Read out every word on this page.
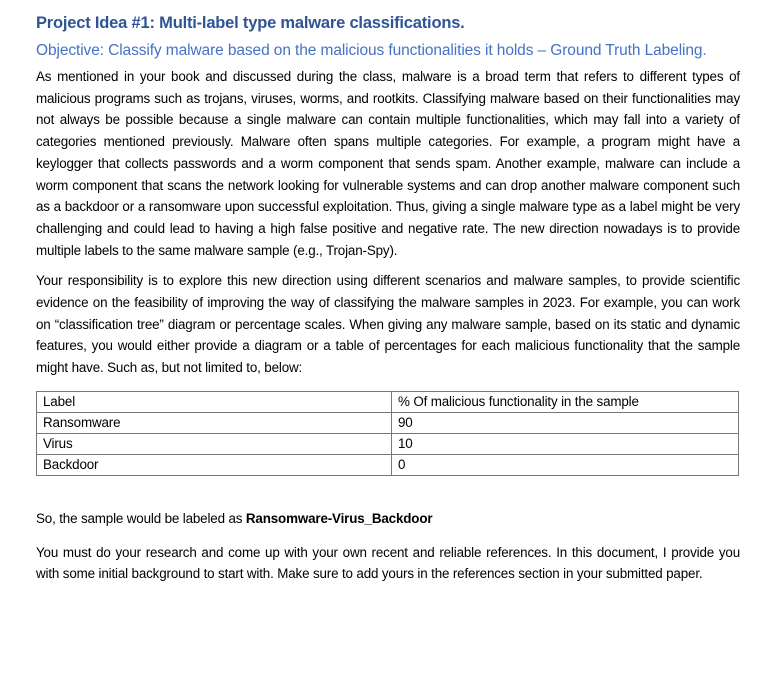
Project Idea #1: Multi-label type malware classifications.
Objective: Classify malware based on the malicious functionalities it holds – Ground Truth Labeling.

As mentioned in your book and discussed during the class, malware is a broad term that refers to different types of malicious programs such as trojans, viruses, worms, and rootkits. Classifying malware based on their functionalities may not always be possible because a single malware can contain multiple functionalities, which may fall into a variety of categories mentioned previously. Malware often spans multiple categories. For example, a program might have a keylogger that collects passwords and a worm component that sends spam. Another example, malware can include a worm component that scans the network looking for vulnerable systems and can drop another malware component such as a backdoor or a ransomware upon successful exploitation. Thus, giving a single malware type as a label might be very challenging and could lead to having a high false positive and negative rate. The new direction nowadays is to provide multiple labels to the same malware sample (e.g., Trojan-Spy).

Your responsibility is to explore this new direction using different scenarios and malware samples, to provide scientific evidence on the feasibility of improving the way of classifying the malware samples in 2023. For example, you can work on “classification tree” diagram or percentage scales. When giving any malware sample, based on its static and dynamic features, you would either provide a diagram or a table of percentages for each malicious functionality that the sample might have. Such as, but not limited to, below:

Label	% Of malicious functionality in the sample
Ransomware	90
Virus	10
Backdoor	0

So, the sample would be labeled as Ransomware-Virus_Backdoor

You must do your research and come up with your own recent and reliable references. In this document, I provide you with some initial background to start with. Make sure to add yours in the references section in your submitted paper.
